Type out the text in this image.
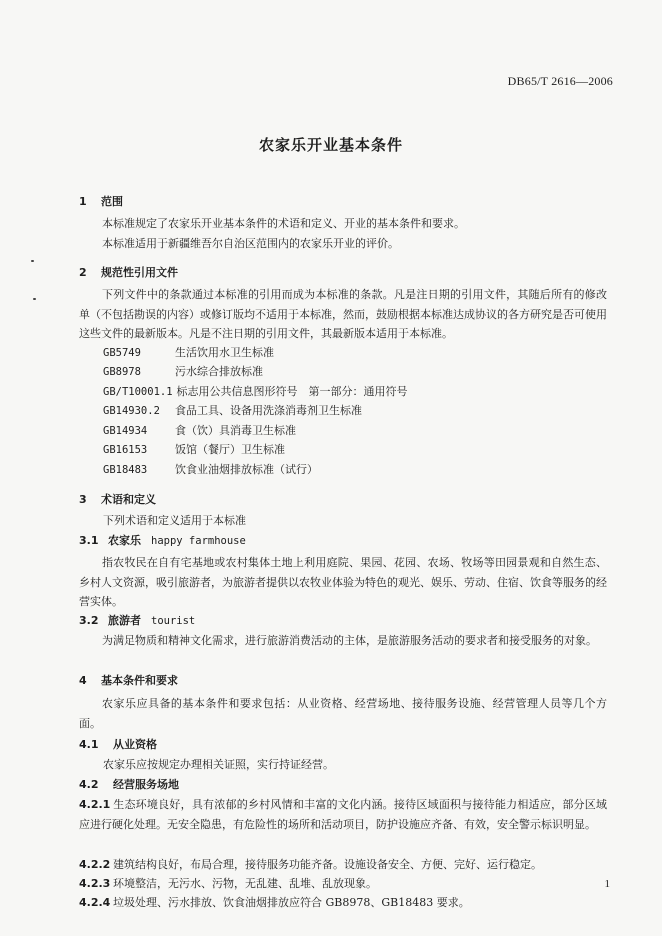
DB65/T 2616—2006
农家乐开业基本条件
1 范围
本标准规定了农家乐开业基本条件的术语和定义、开业的基本条件和要求。
本标准适用于新疆维吾尔自治区范围内的农家乐开业的评价。
2 规范性引用文件
下列文件中的条款通过本标准的引用而成为本标准的条款。凡是注日期的引用文件，其随后所有的修改单（不包括勘误的内容）或修订版均不适用于本标准，然而，鼓励根据本标准达成协议的各方研究是否可使用这些文件的最新版本。凡是不注日期的引用文件，其最新版本适用于本标准。
GB5749	生活饮用水卫生标准
GB8978	污水综合排放标准
GB/T10001.1 标志用公共信息图形符号　第一部分：通用符号
GB14930.2 食品工具、设备用洗涤消毒剂卫生标准
GB14934	食（饮）具消毒卫生标准
GB16153	饭馆（餐厅）卫生标准
GB18483	饮食业油烟排放标准（试行）
3 术语和定义
下列术语和定义适用于本标准
3.1 农家乐 happy farmhouse
指农牧民在自有宅基地或农村集体土地上利用庭院、果园、花园、农场、牧场等田园景观和自然生态、乡村人文资源，吸引旅游者，为旅游者提供以农牧业体验为特色的观光、娱乐、劳动、住宿、饮食等服务的经营实体。
3.2 旅游者 tourist
为满足物质和精神文化需求，进行旅游消费活动的主体，是旅游服务活动的要求者和接受服务的对象。
4 基本条件和要求
农家乐应具备的基本条件和要求包括：从业资格、经营场地、接待服务设施、经营管理人员等几个方面。
4.1 从业资格
农家乐应按规定办理相关证照，实行持证经营。
4.2 经营服务场地
4.2.1 生态环境良好，具有浓郁的乡村风情和丰富的文化内涵。接待区域面积与接待能力相适应，部分区域应进行硬化处理。无安全隐患，有危险性的场所和活动项目，防护设施应齐备、有效，安全警示标识明显。
4.2.2 建筑结构良好，布局合理，接待服务功能齐备。设施设备安全、方便、完好、运行稳定。
4.2.3 环境整洁，无污水、污物，无乱建、乱堆、乱放现象。
4.2.4 垃圾处理、污水排放、饮食油烟排放应符合 GB8978、GB18483 要求。
1
